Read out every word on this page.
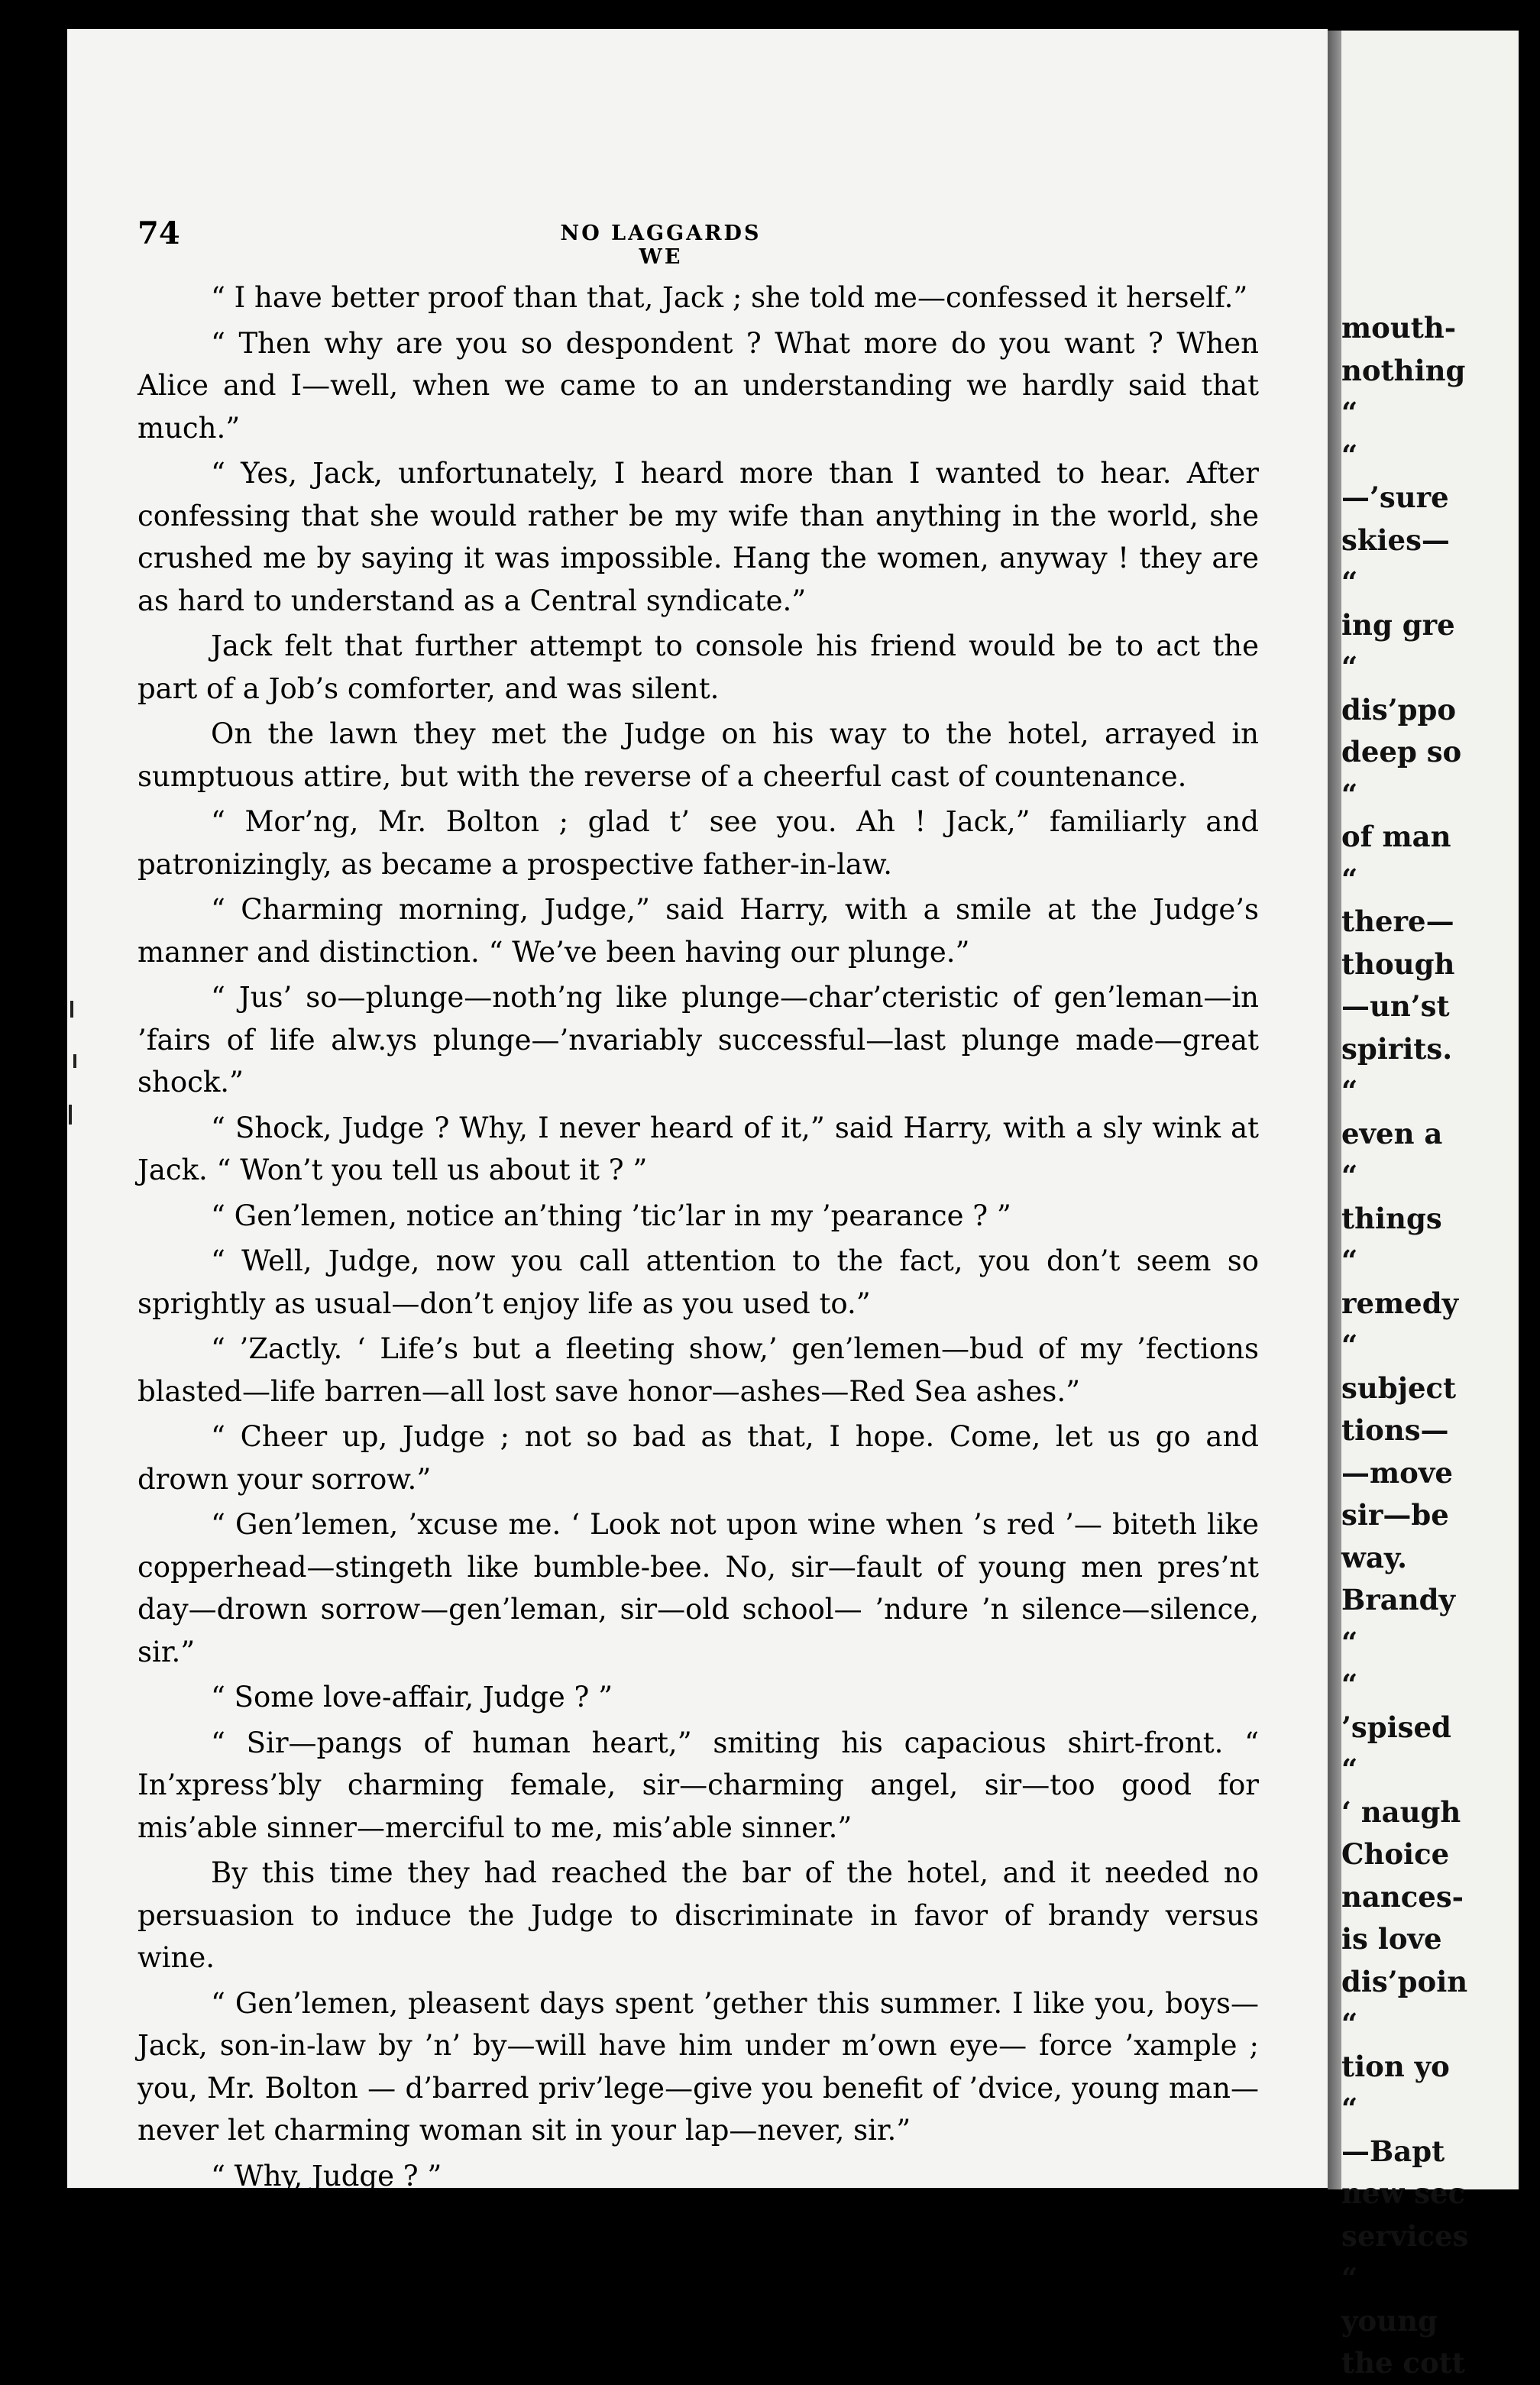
mouth-
nothing
“
“
—’sure
skies—
“
ing gre
“
dis’ppo
deep so
“
of man
“
there—
though
—un’st
spirits.
“
even a
“
things
“
remedy
“
subject
tions—
—move
sir—be
way.
Brandy
“
“
’spised
“
‘ naugh
Choice
nances-
is love
dis’poin
“
tion yo
“
—Bapt
new sec
services
“
young
the cott
74	NO LAGGARDS WE

“ I have better proof than that, Jack ; she told me—confessed it herself.”

“ Then why are you so despondent ? What more do you want ? When Alice and I—well, when we came to an understanding we hardly said that much.”

“ Yes, Jack, unfortunately, I heard more than I wanted to hear. After confessing that she would rather be my wife than anything in the world, she crushed me by saying it was impossible. Hang the women, anyway ! they are as hard to understand as a Central syndicate.”

Jack felt that further attempt to console his friend would be to act the part of a Job’s comforter, and was silent.

On the lawn they met the Judge on his way to the hotel, arrayed in sumptuous attire, but with the reverse of a cheerful cast of countenance.

“ Mor’ng, Mr. Bolton ; glad t’ see you. Ah ! Jack,” familiarly and patronizingly, as became a prospective father-in-law.

“ Charming morning, Judge,” said Harry, with a smile at the Judge’s manner and distinction. “ We’ve been having our plunge.”

“ Jus’ so—plunge—noth’ng like plunge—char’cteristic of gen’leman—in ’fairs of life alw.ys plunge—’nvariably successful—last plunge made—great shock.”

“ Shock, Judge ? Why, I never heard of it,” said Harry, with a sly wink at Jack. “ Won’t you tell us about it ? ”

“ Gen’lemen, notice an’thing ’tic’lar in my ’pearance ? ”

“ Well, Judge, now you call attention to the fact, you don’t seem so sprightly as usual—don’t enjoy life as you used to.”

“ ’Zactly. ‘ Life’s but a fleeting show,’ gen’lemen—bud of my ’fections blasted—life barren—all lost save honor—ashes—Red Sea ashes.”

“ Cheer up, Judge ; not so bad as that, I hope. Come, let us go and drown your sorrow.”

“ Gen’lemen, ’xcuse me. ‘ Look not upon wine when ’s red ’— biteth like copperhead—stingeth like bumble-bee. No, sir—fault of young men pres’nt day—drown sorrow—gen’leman, sir—old school— ’ndure ’n silence—silence, sir.”

“ Some love-affair, Judge ? ”

“ Sir—pangs of human heart,” smiting his capacious shirt-front. “ In’xpress’bly charming female, sir—charming angel, sir—too good for mis’able sinner—merciful to me, mis’able sinner.”

By this time they had reached the bar of the hotel, and it needed no persuasion to induce the Judge to discriminate in favor of brandy versus wine.

“ Gen’lemen, pleasent days spent ’gether this summer. I like you, boys—Jack, son-in-law by ’n’ by—will have him under m’own eye— force ’xample ; you, Mr. Bolton — d’barred priv’lege—give you benefit of ’dvice, young man—never let charming woman sit in your lap—never, sir.”

“ Why, Judge ? ”

“ Dangerous, sir—char’ct’ristic of gen’leman face danger—cannon’s
